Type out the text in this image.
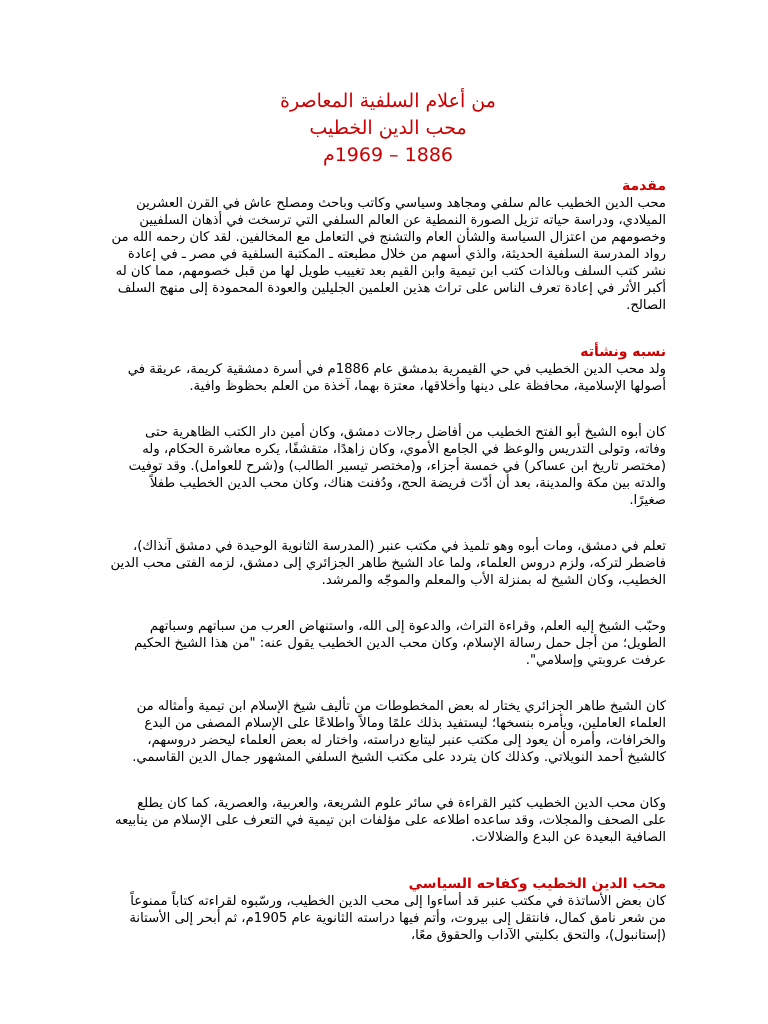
من أعلام السلفية المعاصرة
محب الدين الخطيب
1886 – 1969م
مقدمة

محب الدين الخطيب عالم سلفي ومجاهد وسياسي وكاتب وباحث ومصلح عاش في القرن العشرين الميلادي، ودراسة حياته تزيل الصورة النمطية عن العالم السلفي التي ترسخت في أذهان السلفيين وخصومهم من اعتزال السياسة والشأن العام والتشنج في التعامل مع المخالفين. لقد كان رحمه الله من رواد المدرسة السلفية الحديثة، والذي أسهم من خلال مطبعته ـ المكتبة السلفية في مصر ـ في إعادة نشر كتب السلف وبالذات كتب ابن تيمية وابن القيم بعد تغييب طويل لها من قبل خصومهم، مما كان له أكبر الأثر في إعادة تعرف الناس على تراث هذين العلمين الجليلين والعودة المحمودة إلى منهج السلف الصالح.

نسبه ونشأته

ولد محب الدين الخطيب في حي القيمرية بدمشق عام 1886م في أسرة دمشقية كريمة، عريقة في أصولها الإسلامية، محافظة على دينها وأخلاقها، معتزة بهما، آخذة من العلم بحظوظ وافية.

كان أبوه الشيخ أبو الفتح الخطيب من أفاضل رجالات دمشق، وكان أمين دار الكتب الظاهرية حتى وفاته، وتولى التدريس والوعظ في الجامع الأموي، وكان زاهدًا، متقشفًا، يكره معاشرة الحكام، وله (مختصر تاريخ ابن عساكر) في خمسة أجزاء، و(مختصر تيسير الطالب) و(شرح للعوامل). وقد توفيت والدته بين مكة والمدينة، بعد أن أدّت فريضة الحج، ودُفنت هناك، وكان محب الدين الخطيب طفلاً صغيرًا.

تعلم في دمشق، ومات أبوه وهو تلميذ في مكتب عنبر (المدرسة الثانوية الوحيدة في دمشق آنذاك)، فاضطر لتركه، ولزم دروس العلماء، ولما عاد الشيخ طاهر الجزائري إلى دمشق، لزمه الفتى محب الدين الخطيب، وكان الشيخ له بمنزلة الأب والمعلم والموجّه والمرشد.

وحبّب الشيخ إليه العلم، وقراءة التراث، والدعوة إلى الله، واستنهاض العرب من سباتهم وسباتهم الطويل؛ من أجل حمل رسالة الإسلام، وكان محب الدين الخطيب يقول عنه: "من هذا الشيخ الحكيم عرفت عروبتي وإسلامي".

كان الشيخ طاهر الجزائري يختار له بعض المخطوطات من تأليف شيخ الإسلام ابن تيمية وأمثاله من العلماء العاملين، ويأمره بنسخها؛ ليستفيد بذلك علمًا ومالاً واطلاعًا على الإسلام المصفى من البدع والخرافات، وأمره أن يعود إلى مكتب عنبر ليتابع دراسته، واختار له بعض العلماء ليحضر دروسهم، كالشيخ أحمد النويلاتي. وكذلك كان يتردد على مكتب الشيخ السلفي المشهور جمال الدين القاسمي.

وكان محب الدين الخطيب كثير القراءة في سائر علوم الشريعة، والعربية، والعصرية، كما كان يطلع على الصحف والمجلات، وقد ساعده اطلاعه على مؤلفات ابن تيمية في التعرف على الإسلام من ينابيعه الصافية البعيدة عن البدع والضلالات.

محب الدين الخطيب وكفاحه السياسي

كان بعض الأساتذة في مكتب عنبر قد أساءوا إلى محب الدين الخطيب، ورسّبوه لقراءته كتاباً ممنوعاً من شعر نامق كمال، فانتقل إلى بيروت، وأتم فيها دراسته الثانوية عام 1905م، ثم أبحر إلى الأستانة (إستانبول)، والتحق بكليتي الآداب والحقوق معًا،
